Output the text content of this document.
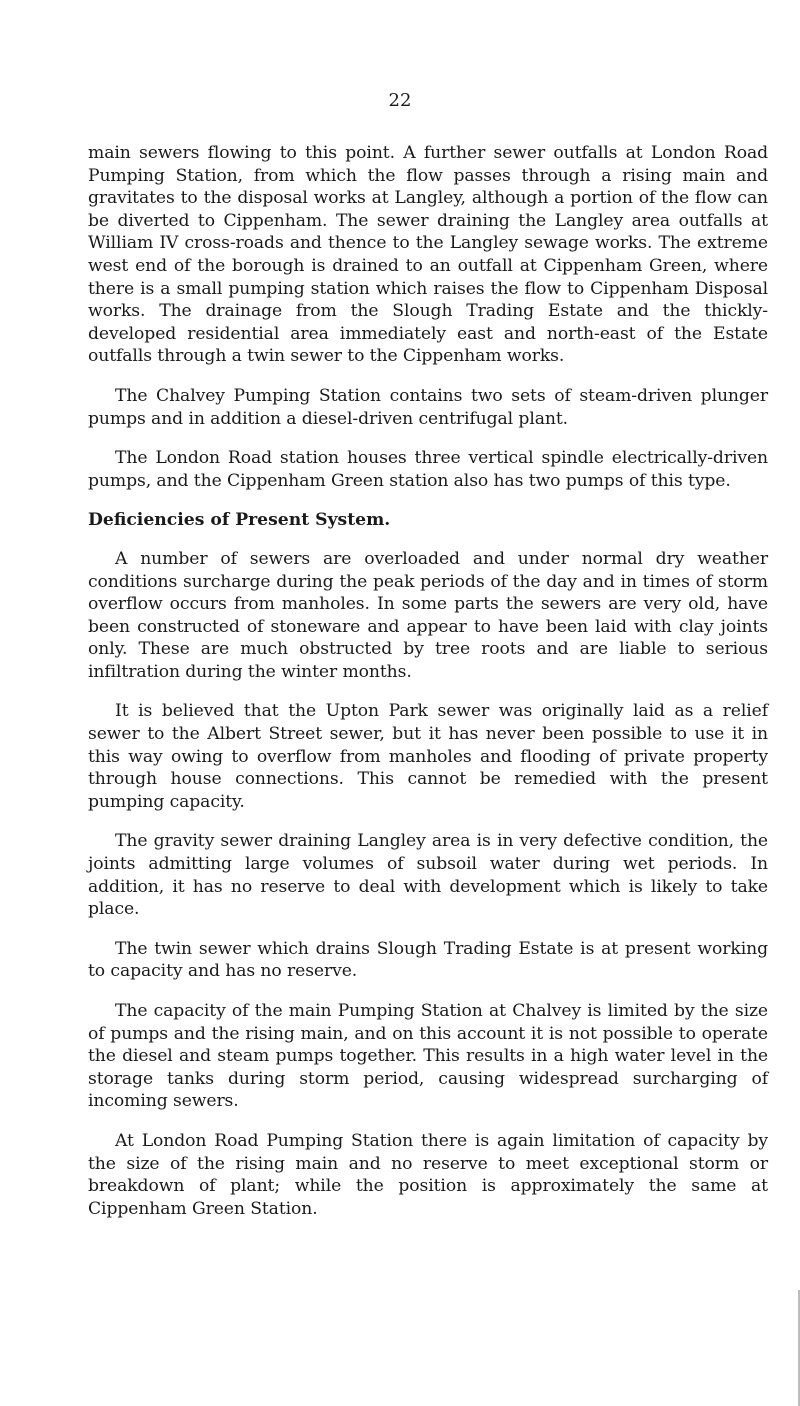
22

main sewers flowing to this point. A further sewer outfalls at London Road Pumping Station, from which the flow passes through a rising main and gravitates to the disposal works at Langley, although a portion of the flow can be diverted to Cippenham. The sewer draining the Langley area outfalls at William IV cross-roads and thence to the Langley sewage works. The extreme west end of the borough is drained to an outfall at Cippenham Green, where there is a small pumping station which raises the flow to Cippenham Disposal works. The drainage from the Slough Trading Estate and the thickly-developed residential area immediately east and north-east of the Estate outfalls through a twin sewer to the Cippenham works.

The Chalvey Pumping Station contains two sets of steam-driven plunger pumps and in addition a diesel-driven centrifugal plant.

The London Road station houses three vertical spindle electrically-driven pumps, and the Cippenham Green station also has two pumps of this type.

Deficiencies of Present System.

A number of sewers are overloaded and under normal dry weather conditions surcharge during the peak periods of the day and in times of storm overflow occurs from manholes. In some parts the sewers are very old, have been constructed of stoneware and appear to have been laid with clay joints only. These are much obstructed by tree roots and are liable to serious infiltration during the winter months.

It is believed that the Upton Park sewer was originally laid as a relief sewer to the Albert Street sewer, but it has never been possible to use it in this way owing to overflow from manholes and flooding of private property through house connections. This cannot be remedied with the present pumping capacity.

The gravity sewer draining Langley area is in very defective condition, the joints admitting large volumes of subsoil water during wet periods. In addition, it has no reserve to deal with development which is likely to take place.

The twin sewer which drains Slough Trading Estate is at present working to capacity and has no reserve.

The capacity of the main Pumping Station at Chalvey is limited by the size of pumps and the rising main, and on this account it is not possible to operate the diesel and steam pumps together. This results in a high water level in the storage tanks during storm period, causing widespread surcharging of incoming sewers.

At London Road Pumping Station there is again limitation of capacity by the size of the rising main and no reserve to meet exceptional storm or breakdown of plant; while the position is approximately the same at Cippenham Green Station.
